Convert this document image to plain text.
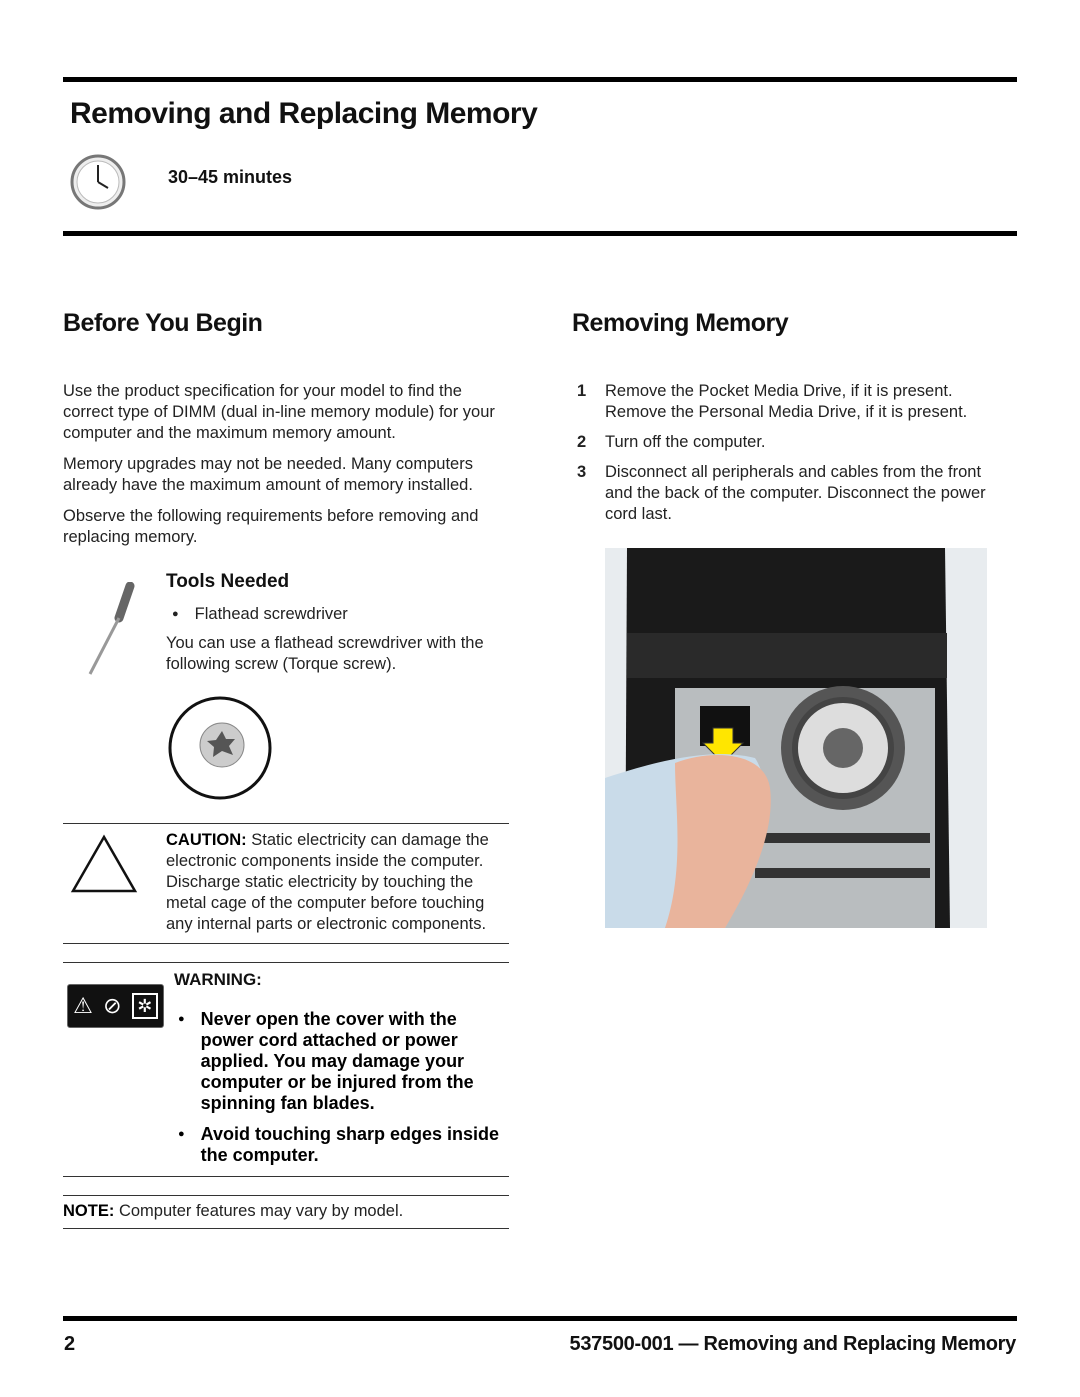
Removing and Replacing Memory
30–45 minutes
Before You Begin

Use the product specification for your model to find the correct type of DIMM (dual in-line memory module) for your computer and the maximum memory amount.

Memory upgrades may not be needed. Many computers already have the maximum amount of memory installed.

Observe the following requirements before removing and replacing memory.

Tools Needed
● Flathead screwdriver

You can use a flathead screwdriver with the following screw (Torque screw).

CAUTION: Static electricity can damage the electronic components inside the computer. Discharge static electricity by touching the metal cage of the computer before touching any internal parts or electronic components.

⚠ ⊘ ✲
WARNING:
● Never open the cover with the power cord attached or power applied. You may damage your computer or be injured from the spinning fan blades.
● Avoid touching sharp edges inside the computer.

NOTE: Computer features may vary by model.

Removing Memory
1 Remove the Pocket Media Drive, if it is present. Remove the Personal Media Drive, if it is present.
2 Turn off the computer.
3 Disconnect all peripherals and cables from the front and the back of the computer. Disconnect the power cord last.
2	537500-001 — Removing and Replacing Memory
